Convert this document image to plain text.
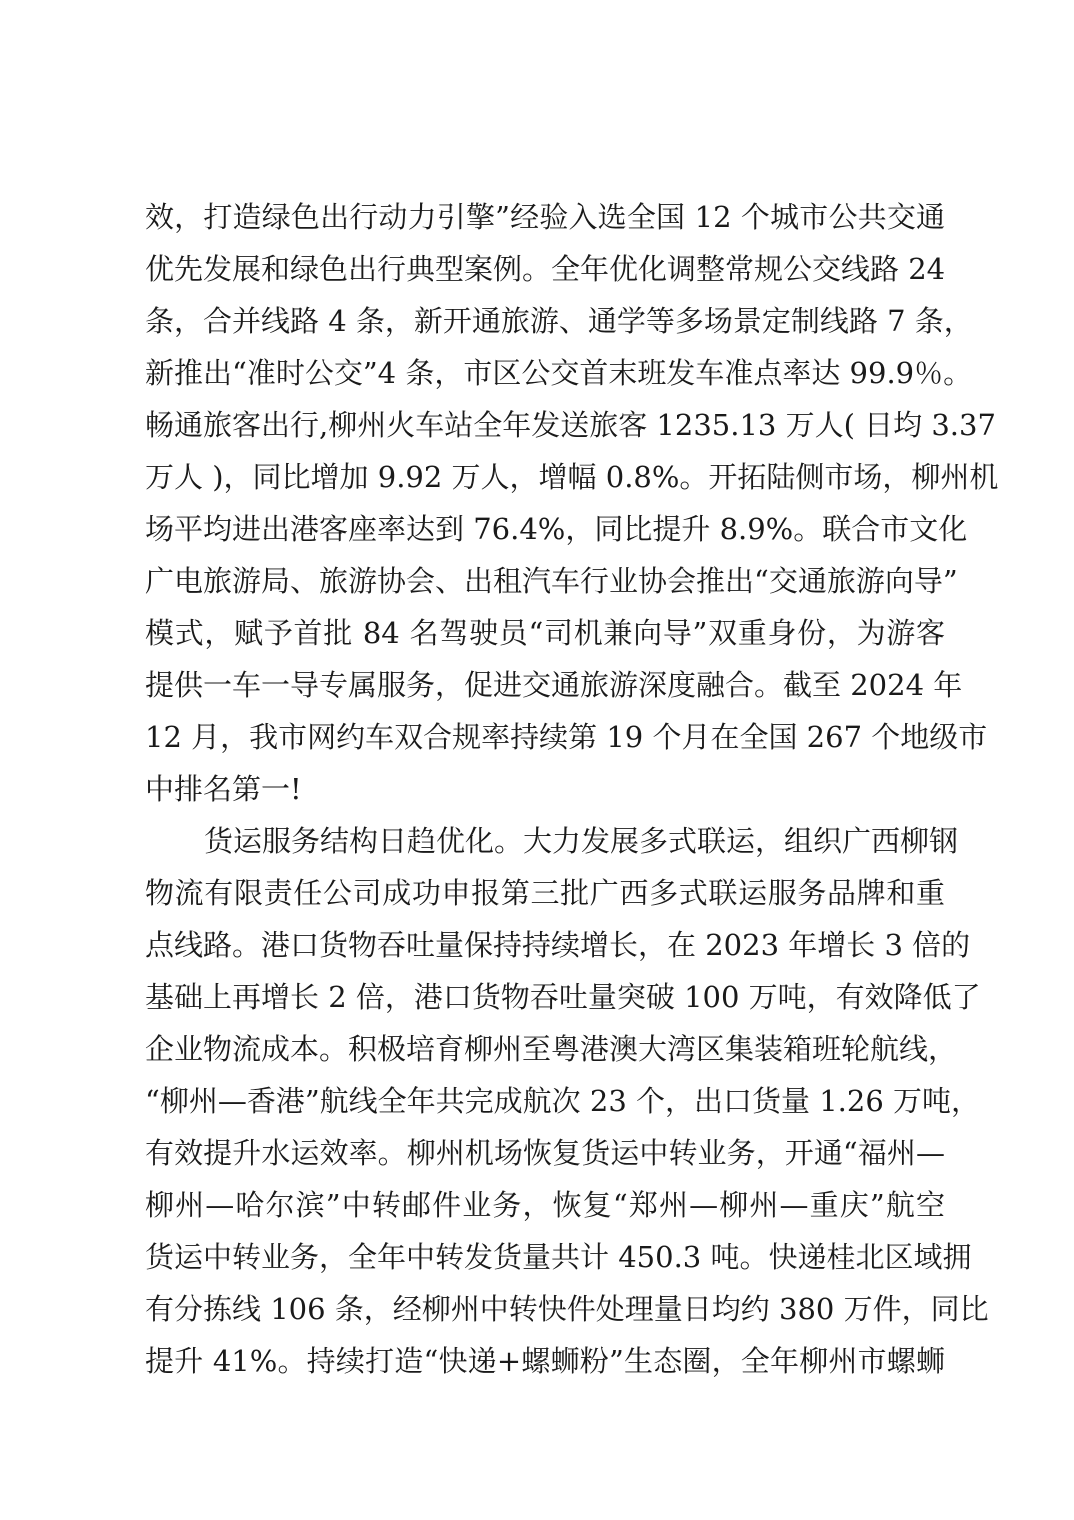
效，打造绿色出行动力引擎”经验入选全国 12 个城市公共交通
优先发展和绿色出行典型案例。全年优化调整常规公交线路 24
条，合并线路 4 条，新开通旅游、通学等多场景定制线路 7 条，
新推出“准时公交”4 条，市区公交首末班发车准点率达 99.9％。
畅通旅客出行,柳州火车站全年发送旅客 1235.13 万人( 日均 3.37
万人 )，同比增加 9.92 万人，增幅 0.8%。开拓陆侧市场，柳州机
场平均进出港客座率达到 76.4%，同比提升 8.9%。联合市文化
广电旅游局、旅游协会、出租汽车行业协会推出“交通旅游向导”
模式，赋予首批 84 名驾驶员“司机兼向导”双重身份，为游客
提供一车一导专属服务，促进交通旅游深度融合。截至 2024 年
12 月，我市网约车双合规率持续第 19 个月在全国 267 个地级市
中排名第一!
货运服务结构日趋优化。大力发展多式联运，组织广西柳钢
物流有限责任公司成功申报第三批广西多式联运服务品牌和重
点线路。港口货物吞吐量保持持续增长，在 2023 年增长 3 倍的
基础上再增长 2 倍，港口货物吞吐量突破 100 万吨，有效降低了
企业物流成本。积极培育柳州至粤港澳大湾区集装箱班轮航线，
“柳州—香港”航线全年共完成航次 23 个，出口货量 1.26 万吨，
有效提升水运效率。柳州机场恢复货运中转业务，开通“福州—
柳州—哈尔滨”中转邮件业务，恢复“郑州—柳州—重庆”航空
货运中转业务，全年中转发货量共计 450.3 吨。快递桂北区域拥
有分拣线 106 条，经柳州中转快件处理量日均约 380 万件，同比
提升 41%。持续打造“快递+螺蛳粉”生态圈，全年柳州市螺蛳
